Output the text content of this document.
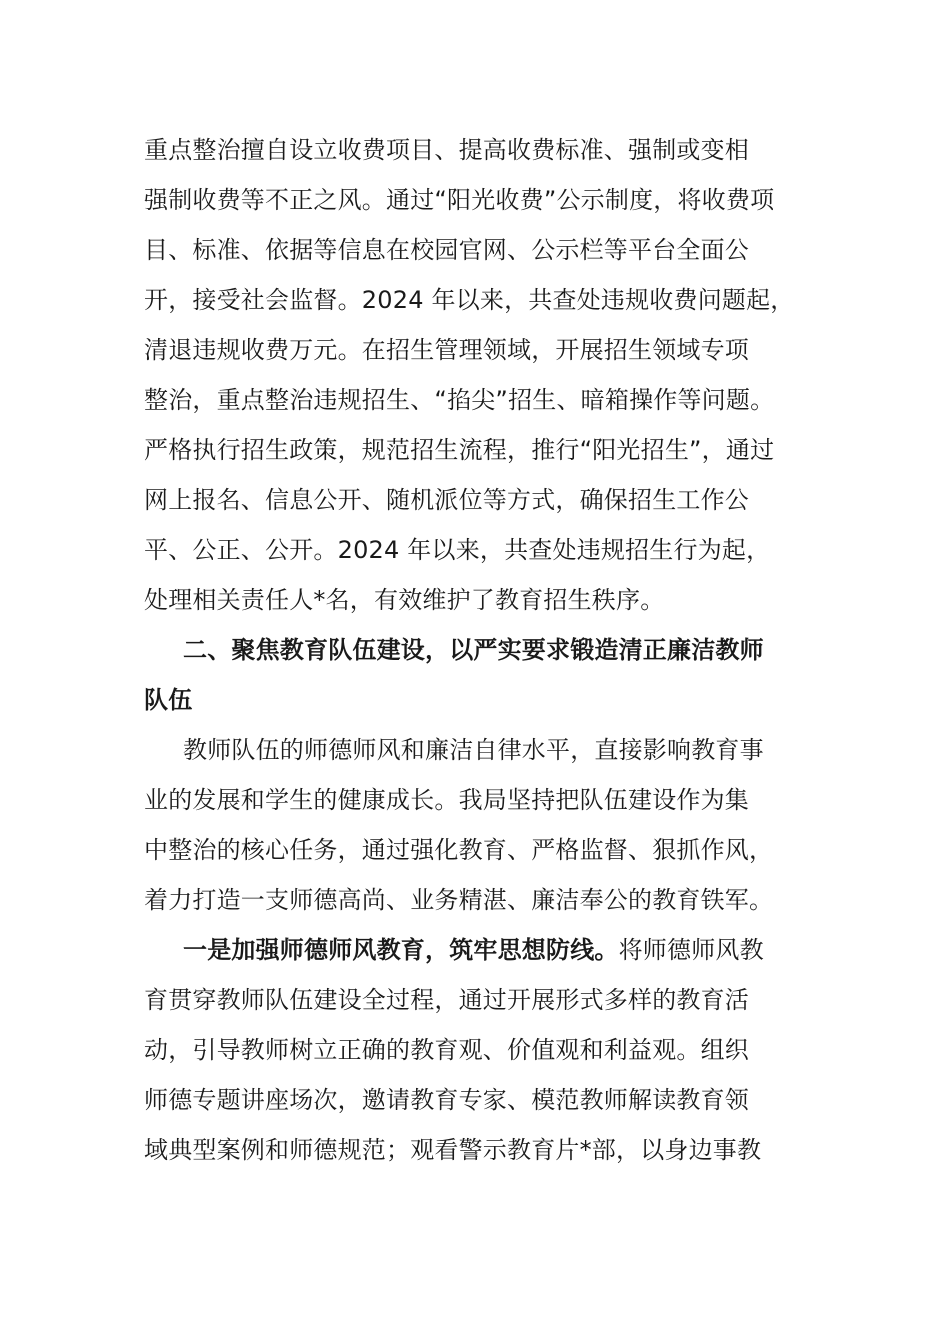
重点整治擅自设立收费项目、提高收费标准、强制或变相
强制收费等不正之风。通过“阳光收费”公示制度，将收费项
目、标准、依据等信息在校园官网、公示栏等平台全面公
开，接受社会监督。2024 年以来，共查处违规收费问题起，
清退违规收费万元。在招生管理领域，开展招生领域专项
整治，重点整治违规招生、“掐尖”招生、暗箱操作等问题。
严格执行招生政策，规范招生流程，推行“阳光招生”，通过
网上报名、信息公开、随机派位等方式，确保招生工作公
平、公正、公开。2024 年以来，共查处违规招生行为起，
处理相关责任人*名，有效维护了教育招生秩序。
二、聚焦教育队伍建设，以严实要求锻造清正廉洁教师
队伍
教师队伍的师德师风和廉洁自律水平，直接影响教育事
业的发展和学生的健康成长。我局坚持把队伍建设作为集
中整治的核心任务，通过强化教育、严格监督、狠抓作风，
着力打造一支师德高尚、业务精湛、廉洁奉公的教育铁军。
一是加强师德师风教育，筑牢思想防线。将师德师风教
育贯穿教师队伍建设全过程，通过开展形式多样的教育活
动，引导教师树立正确的教育观、价值观和利益观。组织
师德专题讲座场次，邀请教育专家、模范教师解读教育领
域典型案例和师德规范；观看警示教育片*部，以身边事教
